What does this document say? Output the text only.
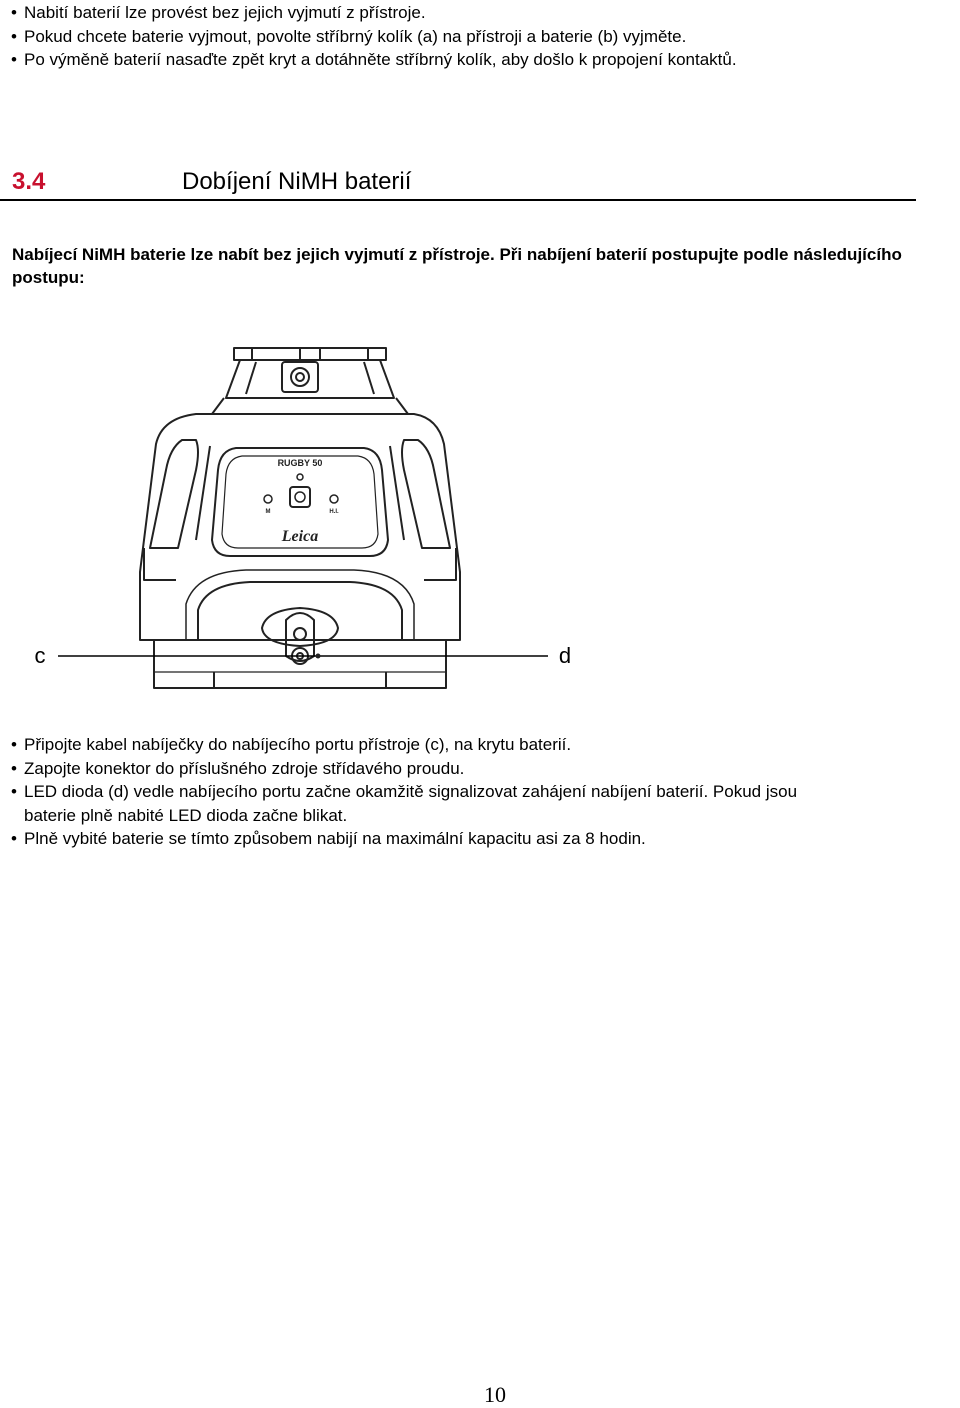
• Nabití baterií lze provést bez jejich vyjmutí z přístroje.
• Pokud chcete baterie vyjmout, povolte stříbrný kolík (a) na přístroji a baterie (b) vyjměte.
• Po výměně baterií nasaďte zpět kryt a dotáhněte stříbrný kolík, aby došlo k propojení kontaktů.
3.4	Dobíjení NiMH baterií

Nabíjecí NiMH baterie lze nabít bez jejich vyjmutí z přístroje. Při nabíjení baterií postupujte podle následujícího postupu:

RUGBY 50
M	H.I.
Leica
c	d
• Připojte kabel nabíječky do nabíjecího portu přístroje (c), na krytu baterií.
• Zapojte konektor do příslušného zdroje střídavého proudu.
• LED dioda (d) vedle nabíjecího portu začne okamžitě signalizovat zahájení nabíjení baterií. Pokud jsou
baterie plně nabité LED dioda začne blikat.
• Plně vybité baterie se tímto způsobem nabijí na maximální kapacitu asi za 8 hodin.
10
